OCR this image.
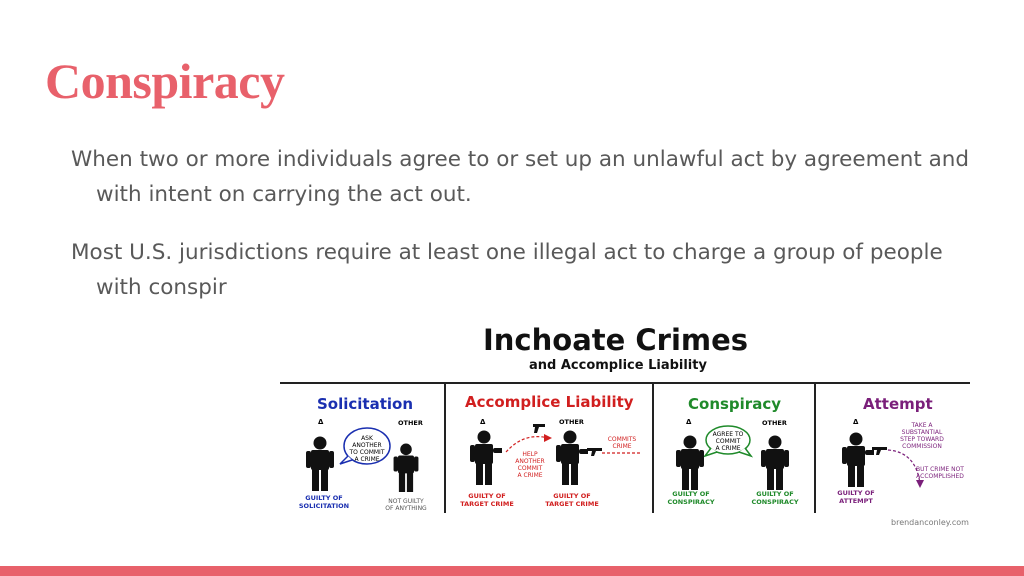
Conspiracy

When two or more individuals agree to or set up an unlawful act by agreement and with intent on carrying the act out.

Most U.S. jurisdictions require at least one illegal act to charge a group of people with conspir

Inchoate Crimes
and Accomplice Liability
Solicitation
Δ	OTHER
ASK
ANOTHER
TO COMMIT
A CRIME
GUILTY OF
SOLICITATION	NOT GUILTY
OF ANYTHING
Accomplice Liability
Δ	OTHER
HELP
ANOTHER
COMMIT
A CRIME
COMMITS
CRIME
GUILTY OF
TARGET CRIME
GUILTY OF
TARGET CRIME
Conspiracy
Δ	OTHER
AGREE TO
COMMIT
A CRIME
GUILTY OF
CONSPIRACY
GUILTY OF
CONSPIRACY
Attempt
Δ	TAKE A
SUBSTANTIAL
STEP TOWARD
COMMISSION
BUT CRIME NOT
ACCOMPLISHED
GUILTY OF
ATTEMPT
brendanconley.com
